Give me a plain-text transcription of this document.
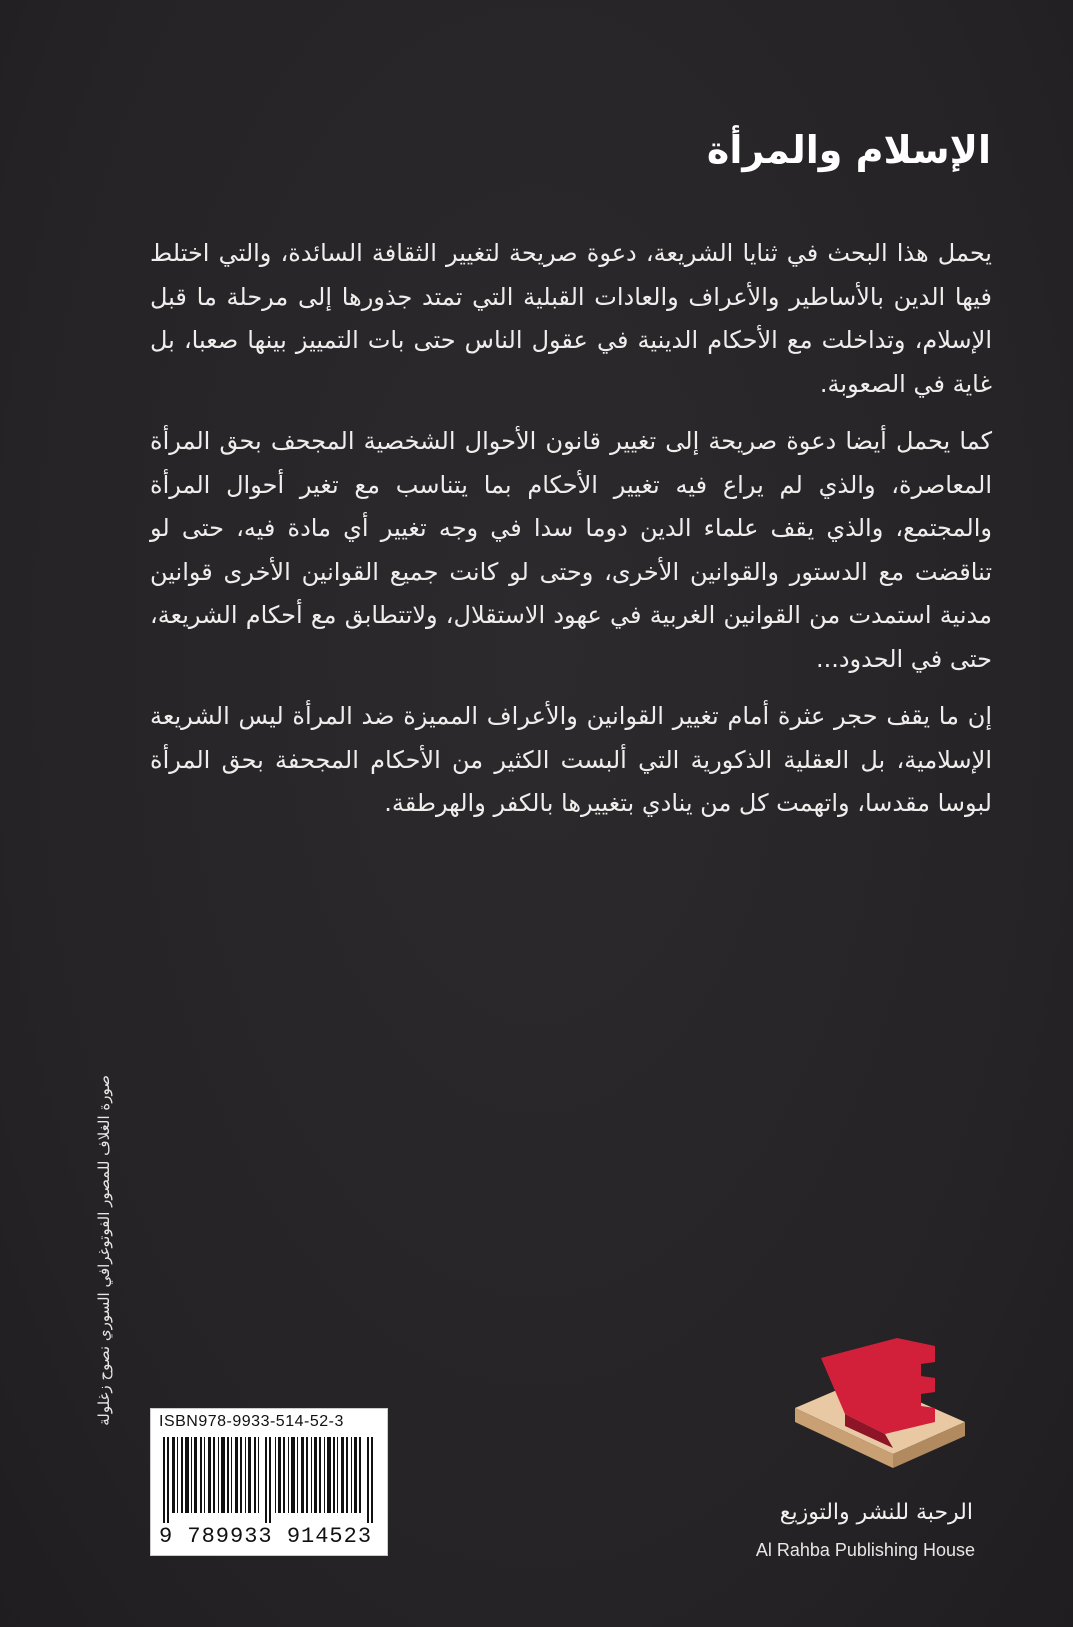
الإسلام والمرأة

يحمل هذا البحث في ثنايا الشريعة، دعوة صريحة لتغيير الثقافة السائدة، والتي اختلط فيها الدين بالأساطير والأعراف والعادات القبلية التي تمتد جذورها إلى مرحلة ما قبل الإسلام، وتداخلت مع الأحكام الدينية في عقول الناس حتى بات التمييز بينها صعبا، بل غاية في الصعوبة.

كما يحمل أيضا دعوة صريحة إلى تغيير قانون الأحوال الشخصية المجحف بحق المرأة المعاصرة، والذي لم يراع فيه تغيير الأحكام بما يتناسب مع تغير أحوال المرأة والمجتمع، والذي يقف علماء الدين دوما سدا في وجه تغيير أي مادة فيه، حتى لو تناقضت مع الدستور والقوانين الأخرى، وحتى لو كانت جميع القوانين الأخرى قوانين مدنية استمدت من القوانين الغربية في عهود الاستقلال، ولاتتطابق مع أحكام الشريعة، حتى في الحدود...

إن ما يقف حجر عثرة أمام تغيير القوانين والأعراف المميزة ضد المرأة ليس الشريعة الإسلامية، بل العقلية الذكورية التي ألبست الكثير من الأحكام المجحفة بحق المرأة لبوسا مقدسا، واتهمت كل من ينادي بتغييرها بالكفر والهرطقة.

صورة الغلاف للمصور الفوتوغرافي السوري نصوح زغلولة	ISBN978-9933-514-52-3
9 789933 914523
الرحبة للنشر والتوزيع
Al Rahba Publishing House
